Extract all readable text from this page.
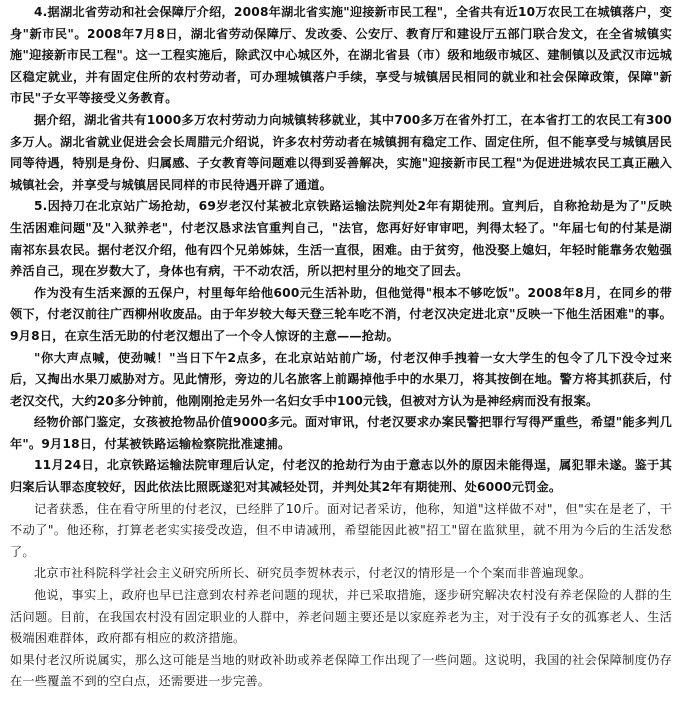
4.据湖北省劳动和社会保障厅介绍，2008年湖北省实施"迎接新市民工程"，全省共有近10万农民工在城镇落户，变身"新市民"。2008年7月8日，湖北省劳动保障厅、发改委、公安厅、教育厅和建设厅五部门联合发文，在全省城镇实施"迎接新市民工程"。这一工程实施后，除武汉中心城区外，在湖北省县（市）级和地级市城区、建制镇以及武汉市远城区稳定就业，并有固定住所的农村劳动者，可办理城镇落户手续，享受与城镇居民相同的就业和社会保障政策，保障"新市民"子女平等接受义务教育。

据介绍，湖北省共有1000多万农村劳动力向城镇转移就业，其中700多万在省外打工，在本省打工的农民工有300多万人。湖北省就业促进会会长周腊元介绍说，许多农村劳动者在城镇拥有稳定工作、固定住所，但不能享受与城镇居民同等待遇，特别是身份、归属感、子女教育等问题难以得到妥善解决，实施"迎接新市民工程"为促进进城农民工真正融入城镇社会，并享受与城镇居民同样的市民待遇开辟了通道。

5.因持刀在北京站广场抢劫，69岁老汉付某被北京铁路运输法院判处2年有期徒刑。宣判后，自称抢劫是为了"反映生活困难问题"及"入狱养老"，付老汉恳求法官重判自己，"法官，您再好好审审吧，判得太轻了。"年届七旬的付某是湖南祁东县农民。据付老汉介绍，他有四个兄弟姊妹，生活一直很，困难。由于贫穷，他没娶上媳妇，年轻时能靠务农勉强养活自己，现在岁数大了，身体也有病，干不动农活，所以把村里分的地交了回去。

作为没有生活来源的五保户，村里每年给他600元生活补助，但他觉得"根本不够吃饭"。2008年8月，在同乡的带领下，付老汉前往广西柳州收废品。由于年岁较大每天登三轮车吃不消，付老汉决定进北京"反映一下他生活困难"的事。9月8日，在京生活无助的付老汉想出了一个令人惊讶的主意——抢劫。

"你大声点喊，使劲喊！"当日下午2点多，在北京站站前广场，付老汉伸手拽着一女大学生的包令了几下没令过来后，又掏出水果刀威胁对方。见此情形，旁边的儿名旅客上前踢掉他手中的水果刀，将其按倒在地。警方将其抓获后，付老汉交代，大约20多分钟前，他刚刚抢走另外一名妇女手中100元钱，但被对方认为是神经病而没有报案。

经物价部门鉴定，女孩被抢物品价值9000多元。面对审讯，付老汉要求办案民警把罪行写得严重些，希望"能多判几年"。9月18日，付某被铁路运输检察院批准逮捕。

11月24日，北京铁路运输法院审理后认定，付老汉的抢劫行为由于意志以外的原因未能得逞，属犯罪未遂。鉴于其归案后认罪态度较好，因此依法比照既遂犯对其减轻处罚，并判处其2年有期徒刑、处6000元罚金。

记者获悉，住在看守所里的付老汉，已经胖了10斤。面对记者采访，他称，知道"这样做不对"，但"实在是老了，干不动了"。他还称，打算老老实实接受改造，但不申请减刑，希望能因此被"招工"留在监狱里，就不用为今后的生活发愁了。

北京市社科院科学社会主义研究所所长、研究员李贺林表示，付老汉的情形是一个个案而非普遍现象。

他说，事实上，政府也早已注意到农村养老问题的现状，并已采取措施，逐步研究解决农村没有养老保险的人群的生活问题。目前，在我国农村没有固定职业的人群中，养老问题主要还是以家庭养老为主，对于没有子女的孤寡老人、生活极端困难群体，政府都有相应的救济措施。

如果付老汉所说属实，那么这可能是当地的财政补助或养老保障工作出现了一些问题。这说明，我国的社会保障制度仍存在一些覆盖不到的空白点，还需要进一步完善。
